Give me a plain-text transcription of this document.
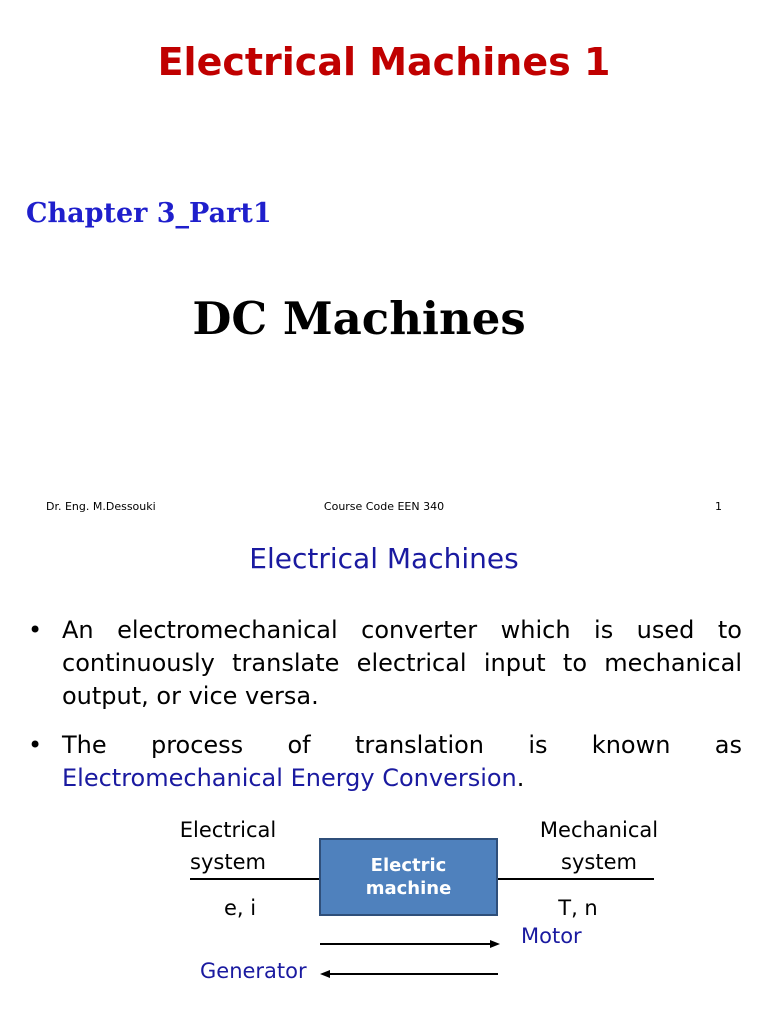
Electrical Machines 1
Chapter 3_Part1
DC Machines
Dr. Eng. M.Dessouki	Course Code EEN 340	1
Electrical Machines
• An electromechanical converter which is used to continuously translate electrical input to mechanical output, or vice versa.
• The process of translation is known as
Electromechanical Energy Conversion.
Electrical
system
e, i
Electric
machine
Mechanical
system
T, n
Motor
Generator
